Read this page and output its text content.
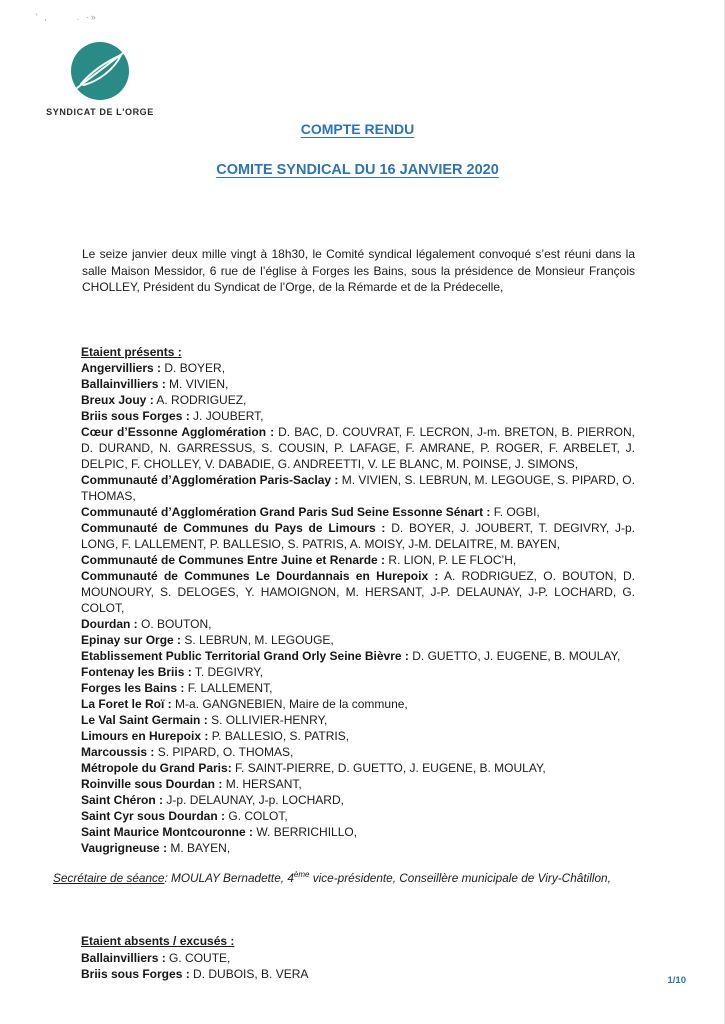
' ,	. ·»
SYNDICAT DE L'ORGE
COMPTE RENDU
COMITE SYNDICAL DU 16 JANVIER 2020

Le seize janvier deux mille vingt à 18h30, le Comité syndical légalement convoqué s’est réuni dans la salle Maison Messidor, 6 rue de l’église à Forges les Bains, sous la présidence de Monsieur François CHOLLEY, Président du Syndicat de l’Orge, de la Rémarde et de la Prédecelle,

Etaient présents :
Angervilliers : D. BOYER,
Ballainvilliers : M. VIVIEN,
Breux Jouy : A. RODRIGUEZ,
Briis sous Forges : J. JOUBERT,
Cœur d’Essonne Agglomération : D. BAC, D. COUVRAT, F. LECRON, J-m. BRETON, B. PIERRON, D. DURAND, N. GARRESSUS, S. COUSIN, P. LAFAGE, F. AMRANE, P. ROGER, F. ARBELET, J. DELPIC, F. CHOLLEY, V. DABADIE, G. ANDREETTI, V. LE BLANC, M. POINSE, J. SIMONS,
Communauté d’Agglomération Paris-Saclay : M. VIVIEN, S. LEBRUN, M. LEGOUGE, S. PIPARD, O. THOMAS,
Communauté d’Agglomération Grand Paris Sud Seine Essonne Sénart : F. OGBI,
Communauté de Communes du Pays de Limours : D. BOYER, J. JOUBERT, T. DEGIVRY, J-p. LONG, F. LALLEMENT, P. BALLESIO, S. PATRIS, A. MOISY, J-M. DELAITRE, M. BAYEN,
Communauté de Communes Entre Juine et Renarde : R. LION, P. LE FLOC’H,
Communauté de Communes Le Dourdannais en Hurepoix : A. RODRIGUEZ, O. BOUTON, D. MOUNOURY, S. DELOGES, Y. HAMOIGNON, M. HERSANT, J-P. DELAUNAY, J-P. LOCHARD, G. COLOT,
Dourdan : O. BOUTON,
Epinay sur Orge : S. LEBRUN, M. LEGOUGE,
Etablissement Public Territorial Grand Orly Seine Bièvre : D. GUETTO, J. EUGENE, B. MOULAY,
Fontenay les Briis : T. DEGIVRY,
Forges les Bains : F. LALLEMENT,
La Foret le Roï : M-a. GANGNEBIEN, Maire de la commune,
Le Val Saint Germain : S. OLLIVIER-HENRY,
Limours en Hurepoix : P. BALLESIO, S. PATRIS,
Marcoussis : S. PIPARD, O. THOMAS,
Métropole du Grand Paris: F. SAINT-PIERRE, D. GUETTO, J. EUGENE, B. MOULAY,
Roinville sous Dourdan : M. HERSANT,
Saint Chéron : J-p. DELAUNAY, J-p. LOCHARD,
Saint Cyr sous Dourdan : G. COLOT,
Saint Maurice Montcouronne : W. BERRICHILLO,
Vaugrigneuse : M. BAYEN,

Secrétaire de séance: MOULAY Bernadette, 4ème vice-présidente, Conseillère municipale de Viry-Châtillon,

Etaient absents / excusés :
Ballainvilliers : G. COUTE,
Briis sous Forges : D. DUBOIS, B. VERA	1/10
